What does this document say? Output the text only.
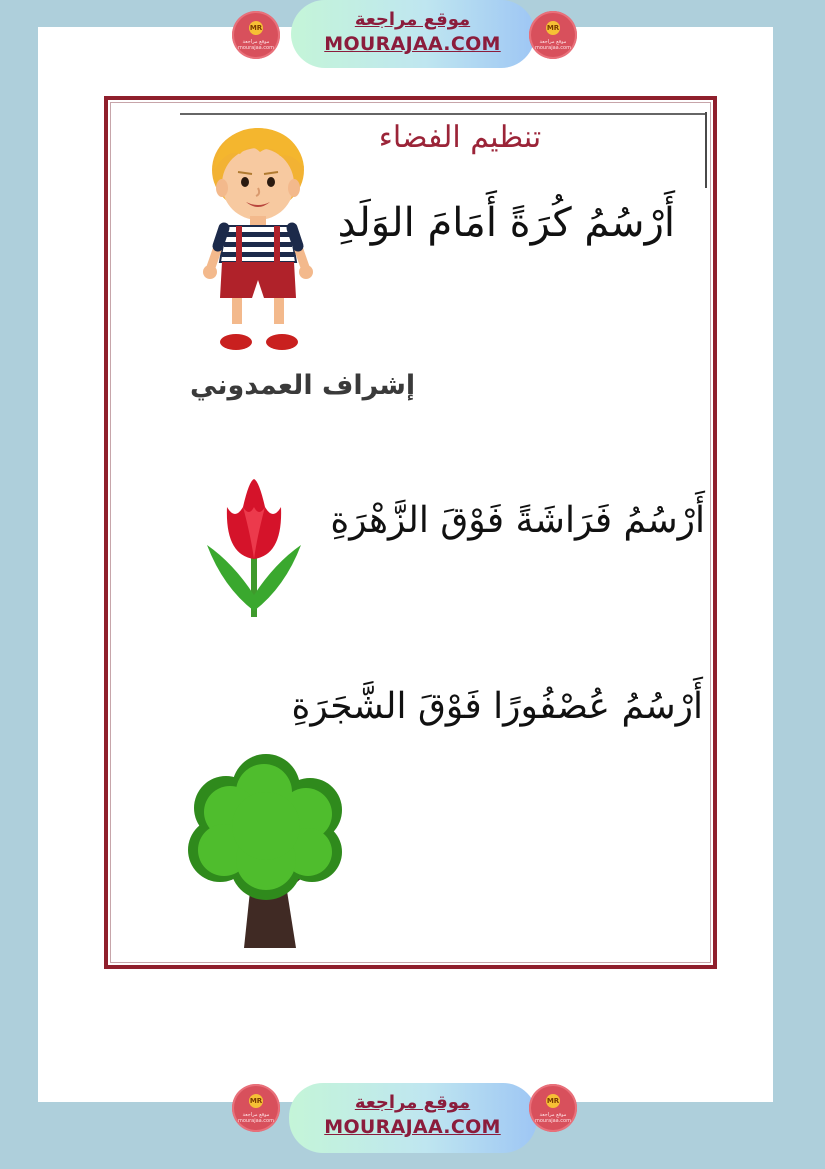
MR
موقع مراجعة mourajaa.com
موقع مراجعة
MOURAJAA.COM
MR
موقع مراجعة mourajaa.com
تنظيم الفضاء
أَرْسُمُ كُرَةً أَمَامَ الوَلَدِ
أَرْسُمُ فَرَاشَةً فَوْقَ الزَّهْرَةِ
أَرْسُمُ عُصْفُورًا فَوْقَ الشَّجَرَةِ
إشراف العمدوني
MR
موقع مراجعة mourajaa.com
موقع مراجعة
MOURAJAA.COM
MR
موقع مراجعة mourajaa.com
